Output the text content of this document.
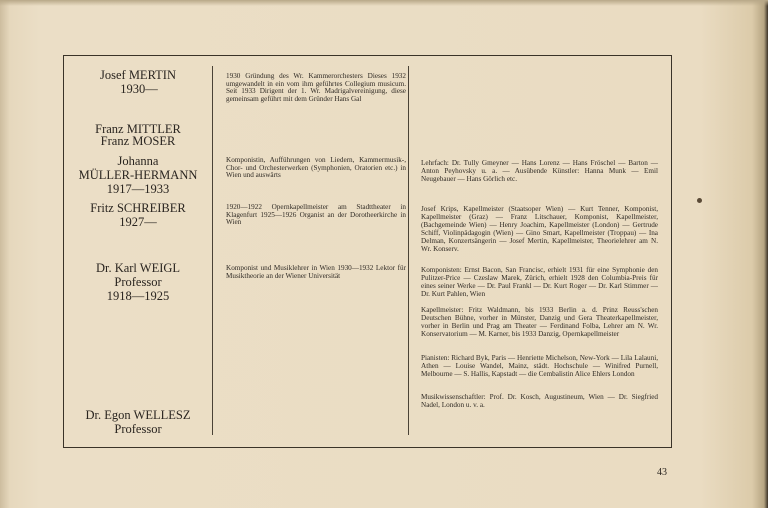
Josef MERTIN
1930—
Franz MITTLER
Franz MOSER
Johanna
MÜLLER-HERMANN
1917—1933
Fritz SCHREIBER
1927—
Dr. Karl WEIGL
Professor
1918—1925
Dr. Egon WELLESZ
Professor
1930 Gründung des Wr. Kammerorchesters Dieses 1932 umgewandelt in ein vom ihm geführtes Collegium musicum. Seit 1933 Dirigent der 1. Wr. Madrigalvereinigung, diese gemeinsam geführt mit dem Gründer Hans Gal
Komponistin, Aufführungen von Liedern, Kammermusik-, Chor- und Orchesterwerken (Symphonien, Oratorien etc.) in Wien und auswärts
1920—1922 Opernkapellmeister am Stadttheater in Klagenfurt 1925—1926 Organist an der Dorotheerkirche in Wien
Komponist und Musiklehrer in Wien 1930—1932 Lektor für Musiktheorie an der Wiener Universität
Lehrfach: Dr. Tully Gmeyner — Hans Lorenz — Hans Fröschel — Barton — Anton Peyhovsky u. a. — Ausübende Künstler: Hanna Munk — Emil Neugebauer — Hans Görlich etc.
Josef Krips, Kapellmeister (Staatsoper Wien) — Kurt Tenner, Komponist, Kapellmeister (Graz) — Franz Litschauer, Komponist, Kapellmeister, (Bachgemeinde Wien) — Henry Joachim, Kapellmeister (London) — Gertrude Schiff, Violinpädagogin (Wien) — Gino Smart, Kapellmeister (Troppau) — Ina Delman, Konzertsängerin — Josef Mertin, Kapellmeister, Theorielehrer am N. Wr. Konserv.
Komponisten: Ernst Bacon, San Francisc, erhielt 1931 für eine Symphonie den Pulitzer-Price — Czeslaw Marek, Zürich, erhielt 1928 den Columbia-Preis für eines seiner Werke — Dr. Paul Frankl — Dr. Kurt Roger — Dr. Karl Stimmer — Dr. Kurt Pahlen, Wien
Kapellmeister: Fritz Waldmann, bis 1933 Berlin a. d. Prinz Reuss'schen Deutschen Bühne, vorher in Münster, Danzig und Gera Theaterkapellmeister, vorher in Berlin und Prag am Theater — Ferdinand Folba, Lehrer am N. Wr. Konservatorium — M. Karner, bis 1933 Danzig, Opernkapellmeister
Pianisten: Richard Byk, Paris — Henriette Michelson, New-York — Lila Lalauni, Athen — Louise Wandel, Mainz, städt. Hochschule — Winifred Purnell, Melbourne — S. Hallis, Kapstadt — die Cembalistin Alice Ehlers London
Musikwissenschaftler: Prof. Dr. Kosch, Augustineum, Wien — Dr. Siegfried Nadel, London u. v. a.
43
